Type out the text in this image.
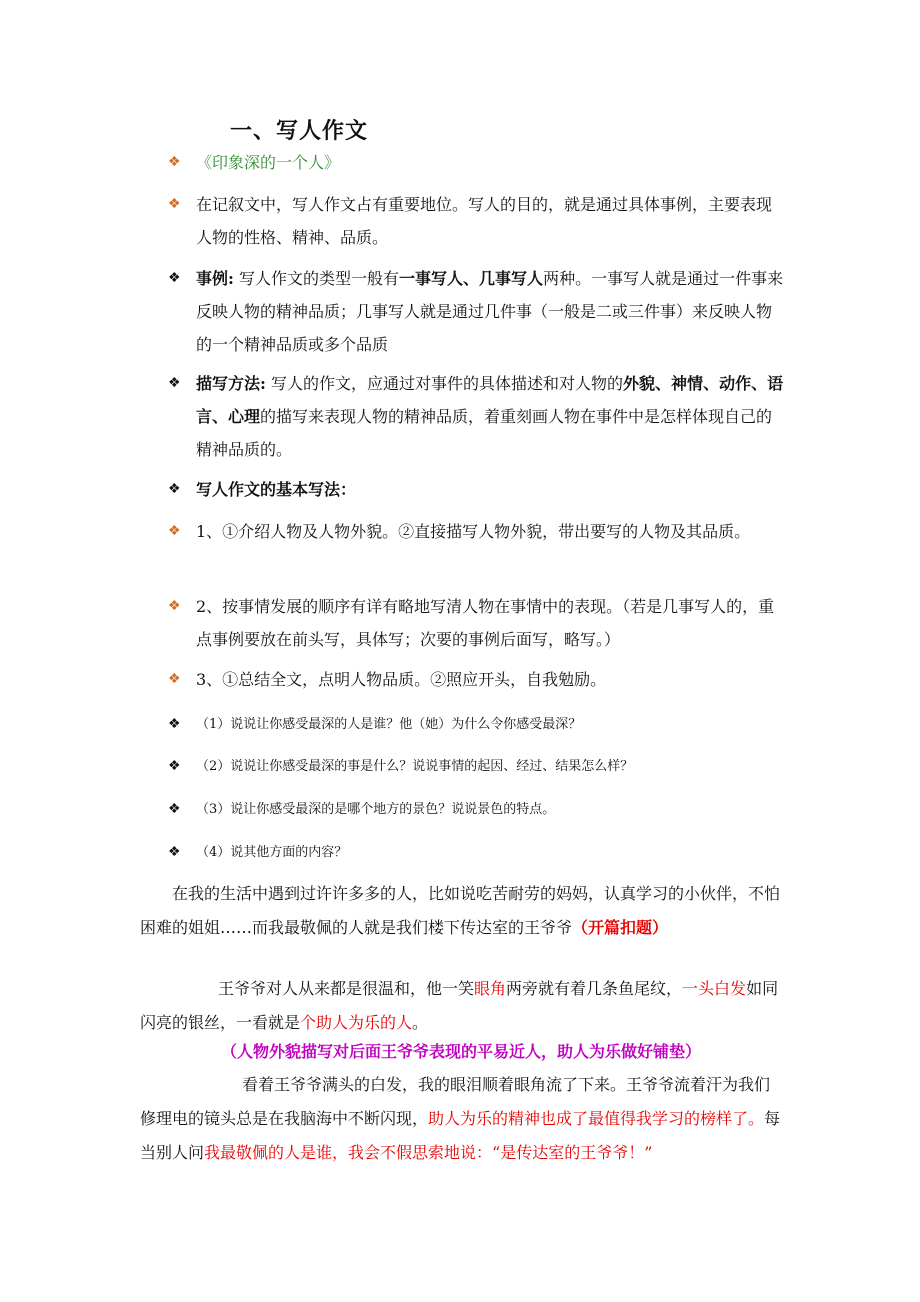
一、写人作文
❖ 《印象深的一个人》
❖ 在记叙文中，写人作文占有重要地位。写人的目的，就是通过具体事例，主要表现人物的性格、精神、品质。
❖ 事例: 写人作文的类型一般有一事写人、几事写人两种。一事写人就是通过一件事来反映人物的精神品质；几事写人就是通过几件事（一般是二或三件事）来反映人物的一个精神品质或多个品质
❖ 描写方法: 写人的作文，应通过对事件的具体描述和对人物的外貌、神情、动作、语言、心理的描写来表现人物的精神品质，着重刻画人物在事件中是怎样体现自己的精神品质的。
❖ 写人作文的基本写法：
❖ 1、①介绍人物及人物外貌。②直接描写人物外貌，带出要写的人物及其品质。
❖ 2、按事情发展的顺序有详有略地写清人物在事情中的表现。（若是几事写人的，重点事例要放在前头写，具体写；次要的事例后面写，略写。）
❖ 3、①总结全文，点明人物品质。②照应开头，自我勉励。
❖ （1）说说让你感受最深的人是谁？他（她）为什么令你感受最深？
❖ （2）说说让你感受最深的事是什么？说说事情的起因、经过、结果怎么样？
❖ （3）说让你感受最深的是哪个地方的景色？说说景色的特点。
❖ （4）说其他方面的内容？
在我的生活中遇到过许许多多的人，比如说吃苦耐劳的妈妈，认真学习的小伙伴，不怕困难的姐姐……而我最敬佩的人就是我们楼下传达室的王爷爷（开篇扣题）
王爷爷对人从来都是很温和，他一笑眼角两旁就有着几条鱼尾纹，一头白发如同闪亮的银丝，一看就是个助人为乐的人。
（人物外貌描写对后面王爷爷表现的平易近人，助人为乐做好铺垫）
看着王爷爷满头的白发，我的眼泪顺着眼角流了下来。王爷爷流着汗为我们修理电的镜头总是在我脑海中不断闪现，助人为乐的精神也成了最值得我学习的榜样了。每当别人问我最敬佩的人是谁，我会不假思索地说：“是传达室的王爷爷！”
